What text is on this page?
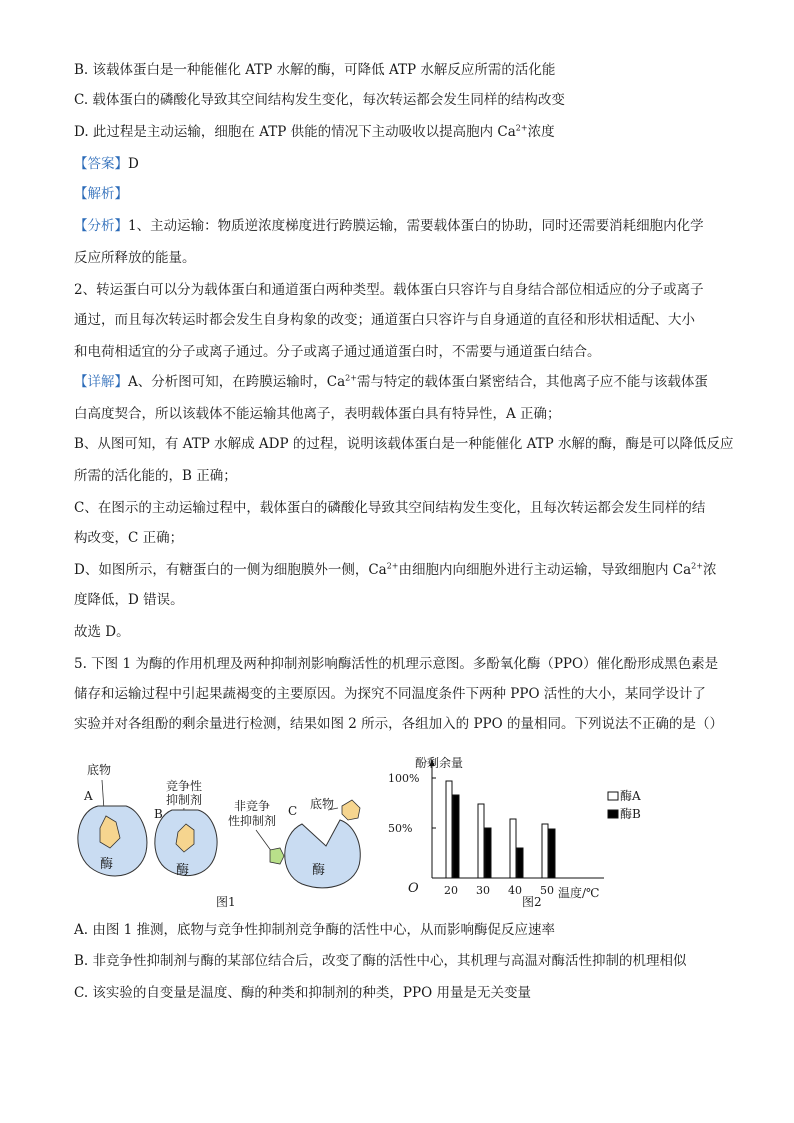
B. 该载体蛋白是一种能催化 ATP 水解的酶，可降低 ATP 水解反应所需的活化能
C. 载体蛋白的磷酸化导致其空间结构发生变化，每次转运都会发生同样的结构改变
D. 此过程是主动运输，细胞在 ATP 供能的情况下主动吸收以提高胞内 $Ca^{2+}$浓度
【答案】D
【解析】
【分析】1、主动运输：物质逆浓度梯度进行跨膜运输，需要载体蛋白的协助，同时还需要消耗细胞内化学
反应所释放的能量。
2、转运蛋白可以分为载体蛋白和通道蛋白两种类型。载体蛋白只容许与自身结合部位相适应的分子或离子
通过，而且每次转运时都会发生自身构象的改变；通道蛋白只容许与自身通道的直径和形状相适配、大小
和电荷相适宜的分子或离子通过。分子或离子通过通道蛋白时，不需要与通道蛋白结合。
【详解】A、分析图可知，在跨膜运输时，$Ca^{2+}$需与特定的载体蛋白紧密结合，其他离子应不能与该载体蛋
白高度契合，所以该载体不能运输其他离子，表明载体蛋白具有特异性，A 正确；
B、从图可知，有 ATP 水解成 ADP 的过程，说明该载体蛋白是一种能催化 ATP 水解的酶，酶是可以降低反应
所需的活化能的，B 正确；
C、在图示的主动运输过程中，载体蛋白的磷酸化导致其空间结构发生变化，且每次转运都会发生同样的结
构改变，C 正确；
D、如图所示，有糖蛋白的一侧为细胞膜外一侧，$Ca^{2+}$由细胞内向细胞外进行主动运输，导致细胞内 $Ca^{2+}$浓
度降低，D 错误。
故选 D。
5. 下图 1 为酶的作用机理及两种抑制剂影响酶活性的机理示意图。多酚氧化酶（PPO）催化酚形成黑色素是
储存和运输过程中引起果蔬褐变的主要原因。为探究不同温度条件下两种 PPO 活性的大小，某同学设计了
实验并对各组酚的剩余量进行检测，结果如图 2 所示，各组加入的 PPO 的量相同。下列说法不正确的是（）
A. 由图 1 推测，底物与竞争性抑制剂竞争酶的活性中心，从而影响酶促反应速率
B. 非竞争性抑制剂与酶的某部位结合后，改变了酶的活性中心，其机理与高温对酶活性抑制的机理相似
C. 该实验的自变量是温度、酶的种类和抑制剂的种类，PPO 用量是无关变量
A
底物
酶
B
竞争性
抑制剂
酶
非竞争
性抑制剂
C 底物
酶
图1
酚剩余量
O	温度/℃
100%
50%
20 30 40 50
酶A
酶B
图2
